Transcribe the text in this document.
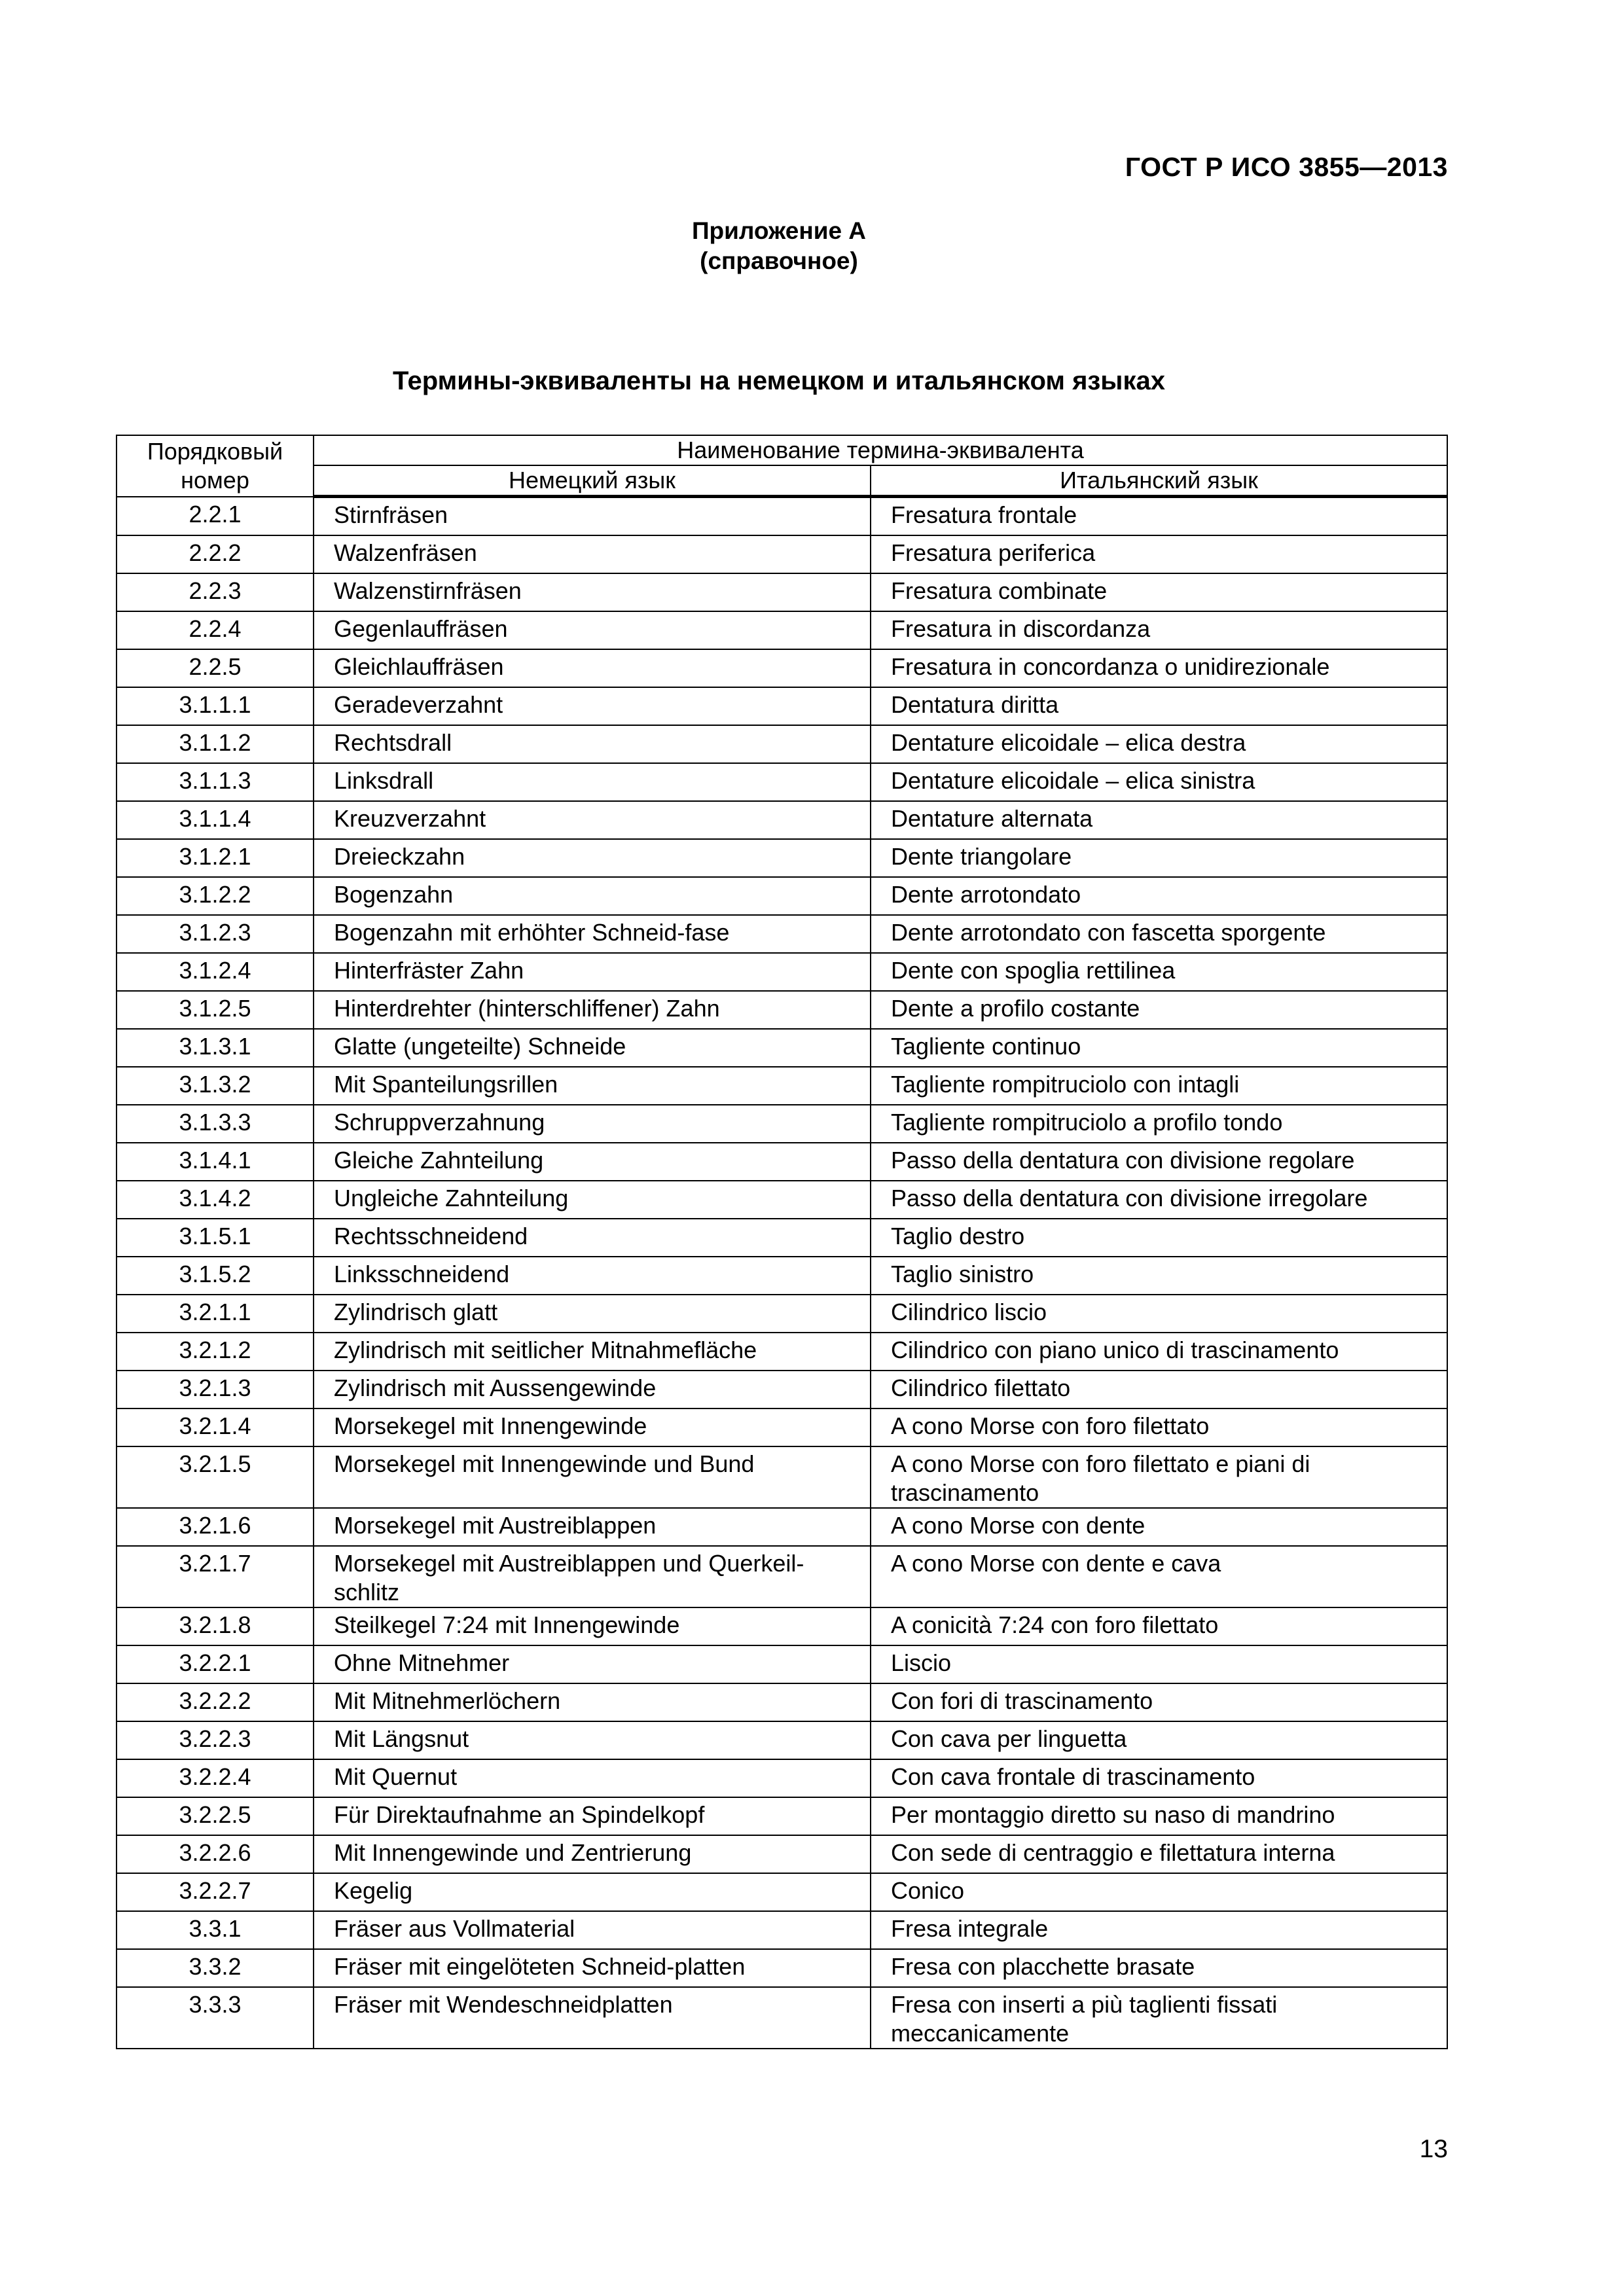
ГОСТ Р ИСО 3855—2013
Приложение А
(справочное)
Термины-эквиваленты на немецком и итальянском языках
Порядковый номер	Наименование термина-эквивалента	
	Немецкий язык	Итальянский язык
2.2.1	Stirnfräsen	Fresatura frontale
2.2.2	Walzenfräsen	Fresatura periferica
2.2.3	Walzenstirnfräsen	Fresatura combinate
2.2.4	Gegenlauffräsen	Fresatura in discordanza
2.2.5	Gleichlauffräsen	Fresatura in concordanza o unidirezionale
3.1.1.1	Geradeverzahnt	Dentatura diritta
3.1.1.2	Rechtsdrall	Dentature elicoidale – elica destra
3.1.1.3	Linksdrall	Dentature elicoidale – elica sinistra
3.1.1.4	Kreuzverzahnt	Dentature alternata
3.1.2.1	Dreieckzahn	Dente triangolare
3.1.2.2	Bogenzahn	Dente arrotondato
3.1.2.3	Bogenzahn mit erhöhter Schneid-fase	Dente arrotondato con fascetta sporgente
3.1.2.4	Hinterfräster Zahn	Dente con spoglia rettilinea
3.1.2.5	Hinterdrehter (hinterschliffener) Zahn	Dente a profilo costante
3.1.3.1	Glatte (ungeteilte) Schneide	Tagliente continuo
3.1.3.2	Mit Spanteilungsrillen	Tagliente rompitruciolo con intagli
3.1.3.3	Schruppverzahnung	Tagliente rompitruciolo a profilo tondo
3.1.4.1	Gleiche Zahnteilung	Passo della dentatura con divisione regolare
3.1.4.2	Ungleiche Zahnteilung	Passo della dentatura con divisione irregolare
3.1.5.1	Rechtsschneidend	Taglio destro
3.1.5.2	Linksschneidend	Taglio sinistro
3.2.1.1	Zylindrisch glatt	Cilindrico liscio
3.2.1.2	Zylindrisch mit seitlicher Mitnahmefläche	Cilindrico con piano unico di trascinamento
3.2.1.3	Zylindrisch mit Aussengewinde	Cilindrico filettato
3.2.1.4	Morsekegel mit Innengewinde	A cono Morse con foro filettato
3.2.1.5	Morsekegel mit Innengewinde und Bund	A cono Morse con foro filettato e piani di trascinamento
3.2.1.6	Morsekegel mit Austreiblappen	A cono Morse con dente
3.2.1.7	Morsekegel mit Austreiblappen und Querkeil-schlitz	A cono Morse con dente e cava
3.2.1.8	Steilkegel 7:24 mit Innengewinde	A conicità 7:24 con foro filettato
3.2.2.1	Ohne Mitnehmer	Liscio
3.2.2.2	Mit Mitnehmerlöchern	Con fori di trascinamento
3.2.2.3	Mit Längsnut	Con cava per linguetta
3.2.2.4	Mit Quernut	Con cava frontale di trascinamento
3.2.2.5	Für Direktaufnahme an Spindelkopf	Per montaggio diretto su naso di mandrino
3.2.2.6	Mit Innengewinde und Zentrierung	Con sede di centraggio e filettatura interna
3.2.2.7	Kegelig	Conico
3.3.1	Fräser aus Vollmaterial	Fresa integrale
3.3.2	Fräser mit eingelöteten Schneid-platten	Fresa con placchette brasate
3.3.3	Fräser mit Wendeschneidplatten	Fresa con inserti a più taglienti fissati meccanicamente
13
